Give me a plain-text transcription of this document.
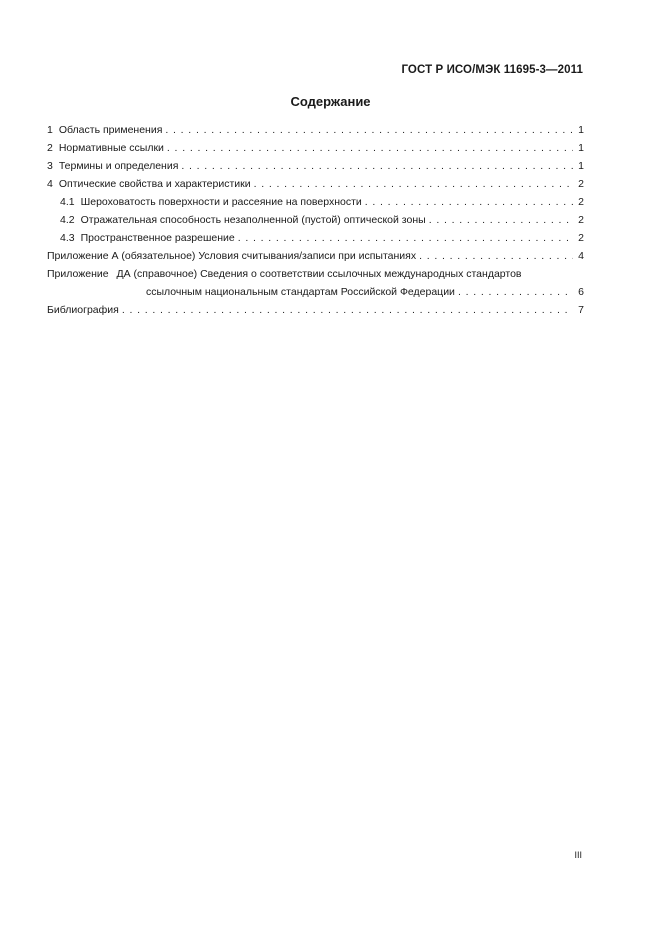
ГОСТ Р ИСО/МЭК 11695-3—2011
Содержание
1 Область применения . . .	1
2 Нормативные ссылки . . .	1
3 Термины и определения . . .	1
4 Оптические свойства и характеристики . . .	2
4.1 Шероховатость поверхности и рассеяние на поверхности . . .	2
4.2 Отражательная способность незаполненной (пустой) оптической зоны . . .	2
4.3 Пространственное разрешение . . .	2
Приложение А (обязательное) Условия считывания/записи при испытаниях . . .	4
Приложение ДА (справочное) Сведения о соответствии ссылочных международных стандартов
ссылочным национальным стандартам Российской Федерации . . .	6
Библиография . . .	7
III
